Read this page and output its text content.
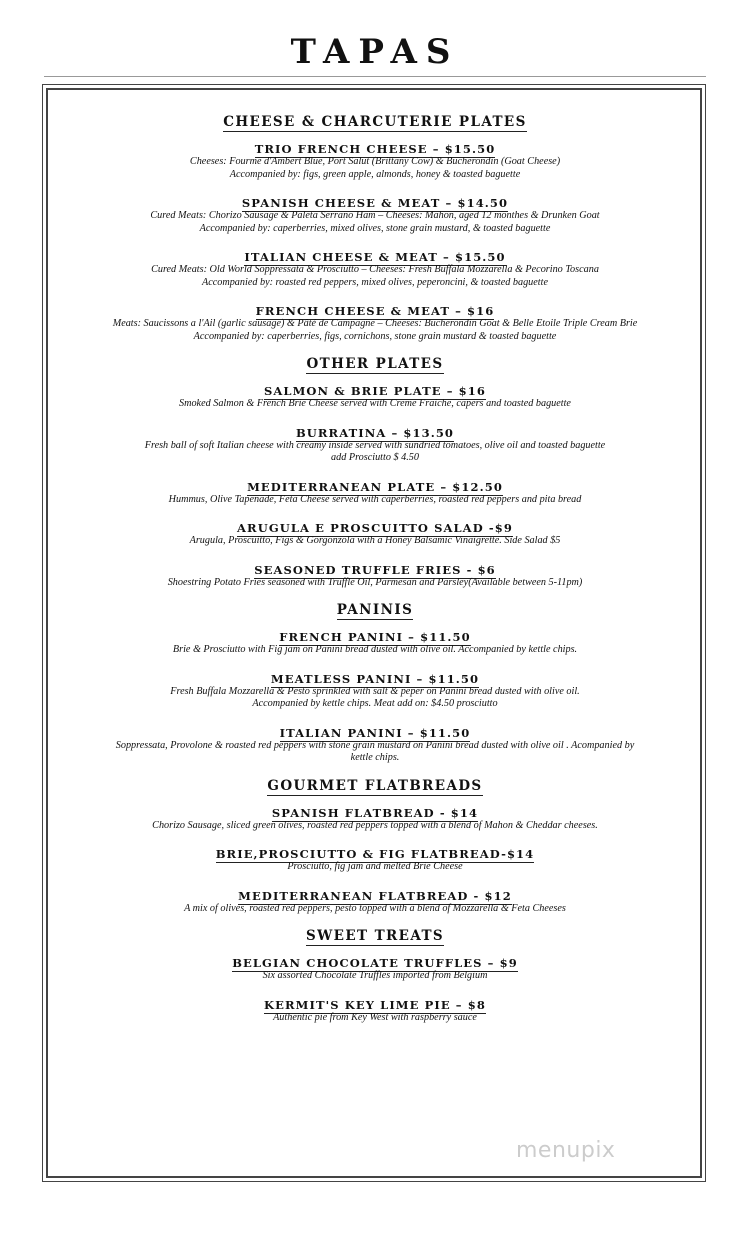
TAPAS
CHEESE & CHARCUTERIE PLATES
TRIO FRENCH CHEESE – $15.50
Cheeses: Fourme d'Ambert Blue, Port Salut (Brittany Cow) & Bucherondin (Goat Cheese)
Accompanied by: figs, green apple, almonds, honey & toasted baguette
SPANISH CHEESE & MEAT – $14.50
Cured Meats: Chorizo Sausage & Paleta Serrano Ham – Cheeses: Mahon, aged 12 monthes & Drunken Goat
Accompanied by: caperberries, mixed olives, stone grain mustard, & toasted baguette
ITALIAN CHEESE & MEAT – $15.50
Cured Meats: Old World Soppressata & Prosciutto – Cheeses: Fresh Buffala Mozzarella & Pecorino Toscana
Accompanied by: roasted red peppers, mixed olives, peperoncini, & toasted baguette
FRENCH CHEESE & MEAT – $16
Meats: Saucissons a l'Ail (garlic sausage) & Pâté de Campagne – Cheeses: Bucherondin Goat & Belle Etoile Triple Cream Brie
Accompanied by: caperberries, figs, cornichons, stone grain mustard & toasted baguette
OTHER PLATES
SALMON & BRIE PLATE – $16
Smoked Salmon & French Brie Cheese served with Creme Fraiche, capers and toasted baguette
BURRATINA – $13.50
Fresh ball of soft Italian cheese with creamy inside served with sundried tomatoes, olive oil and toasted baguette
add Prosciutto $ 4.50
MEDITERRANEAN PLATE – $12.50
Hummus, Olive Tapenade, Feta Cheese served with caperberries, roasted red peppers and pita bread
ARUGULA E PROSCUITTO SALAD -$9
Arugula, Proscuitto, Figs & Gorgonzola with a Honey Balsamic Vinaigrette. Side Salad $5
SEASONED TRUFFLE FRIES - $6
Shoestring Potato Fries seasoned with Truffle Oil, Parmesan and Parsley(Available between 5-11pm)
PANINIS
FRENCH PANINI – $11.50
Brie & Prosciutto with Fig jam on Panini bread dusted with olive oil. Accompanied by kettle chips.
MEATLESS PANINI – $11.50
Fresh Buffala Mozzarella & Pesto sprinkled with salt & peper on Panini bread dusted with olive oil.
Accompanied by kettle chips. Meat add on: $4.50 prosciutto
ITALIAN PANINI – $11.50
Soppressata, Provolone & roasted red peppers with stone grain mustard on Panini bread dusted with olive oil . Acompanied by
kettle chips.
GOURMET FLATBREADS
SPANISH FLATBREAD - $14
Chorizo Sausage, sliced green olives, roasted red peppers topped with a blend of Mahon & Cheddar cheeses.
BRIE,PROSCIUTTO & FIG FLATBREAD-$14
Prosciutto, fig jam and melted Brie Cheese
MEDITERRANEAN FLATBREAD - $12
A mix of olives, roasted red peppers, pesto topped with a blend of Mozzarella & Feta Cheeses
SWEET TREATS
BELGIAN CHOCOLATE TRUFFLES – $9
Six assorted Chocolate Truffles imported from Belgium
KERMIT'S KEY LIME PIE – $8
Authentic pie from Key West with raspberry sauce
menupix
